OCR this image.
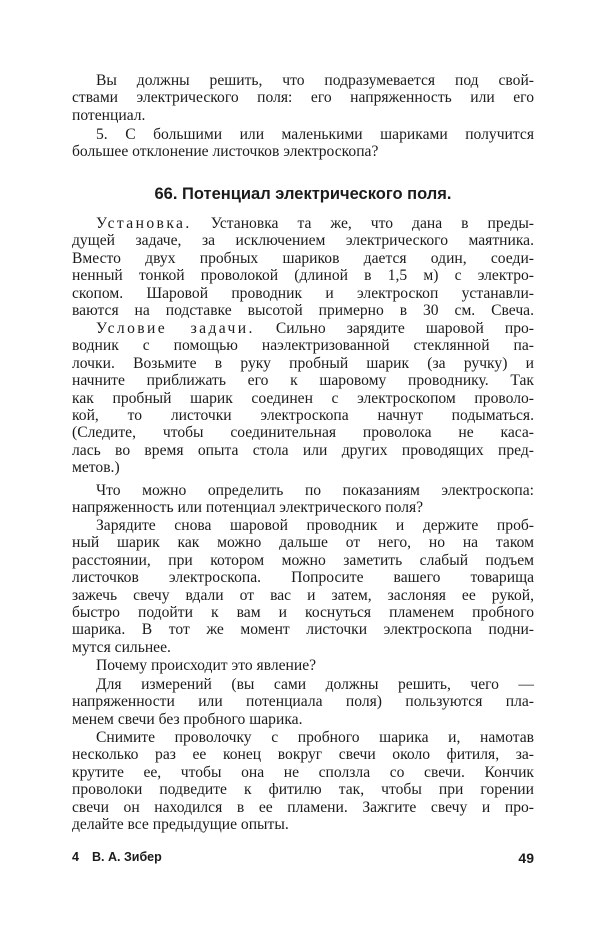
Вы должны решить, что подразумевается под свой-
ствами электрического поля: его напряженность или его
потенциал.
5. С большими или маленькими шариками получится
большее отклонение листочков электроскопа?
66. Потенциал электрического поля.
Установка. Установка та же, что дана в преды-
дущей задаче, за исключением электрического маятника.
Вместо двух пробных шариков дается один, соеди-
ненный тонкой проволокой (длиной в 1,5 м) с электро-
скопом. Шаровой проводник и электроскоп устанавли-
ваются на подставке высотой примерно в 30 см. Свеча.
Условие задачи. Сильно зарядите шаровой про-
водник с помощью наэлектризованной стеклянной па-
лочки. Возьмите в руку пробный шарик (за ручку) и
начните приближать его к шаровому проводнику. Так
как пробный шарик соединен с электроскопом проволо-
кой, то листочки электроскопа начнут подыматься.
(Следите, чтобы соединительная проволока не каса-
лась во время опыта стола или других проводящих пред-
метов.)
Что можно определить по показаниям электроскопа:
напряженность или потенциал электрического поля?
Зарядите снова шаровой проводник и держите проб-
ный шарик как можно дальше от него, но на таком
расстоянии, при котором можно заметить слабый подъем
листочков электроскопа. Попросите вашего товарища
зажечь свечу вдали от вас и затем, заслоняя ее рукой,
быстро подойти к вам и коснуться пламенем пробного
шарика. В тот же момент листочки электроскопа подни-
мутся сильнее.
Почему происходит это явление?
Для измерений (вы сами должны решить, чего —
напряженности или потенциала поля) пользуются пла-
менем свечи без пробного шарика.
Снимите проволочку с пробного шарика и, намотав
несколько раз ее конец вокруг свечи около фитиля, за-
крутите ее, чтобы она не сползла со свечи. Кончик
проволоки подведите к фитилю так, чтобы при горении
свечи он находился в ее пламени. Зажгите свечу и про-
делайте все предыдущие опыты.
4 В. А. Зибер	49
